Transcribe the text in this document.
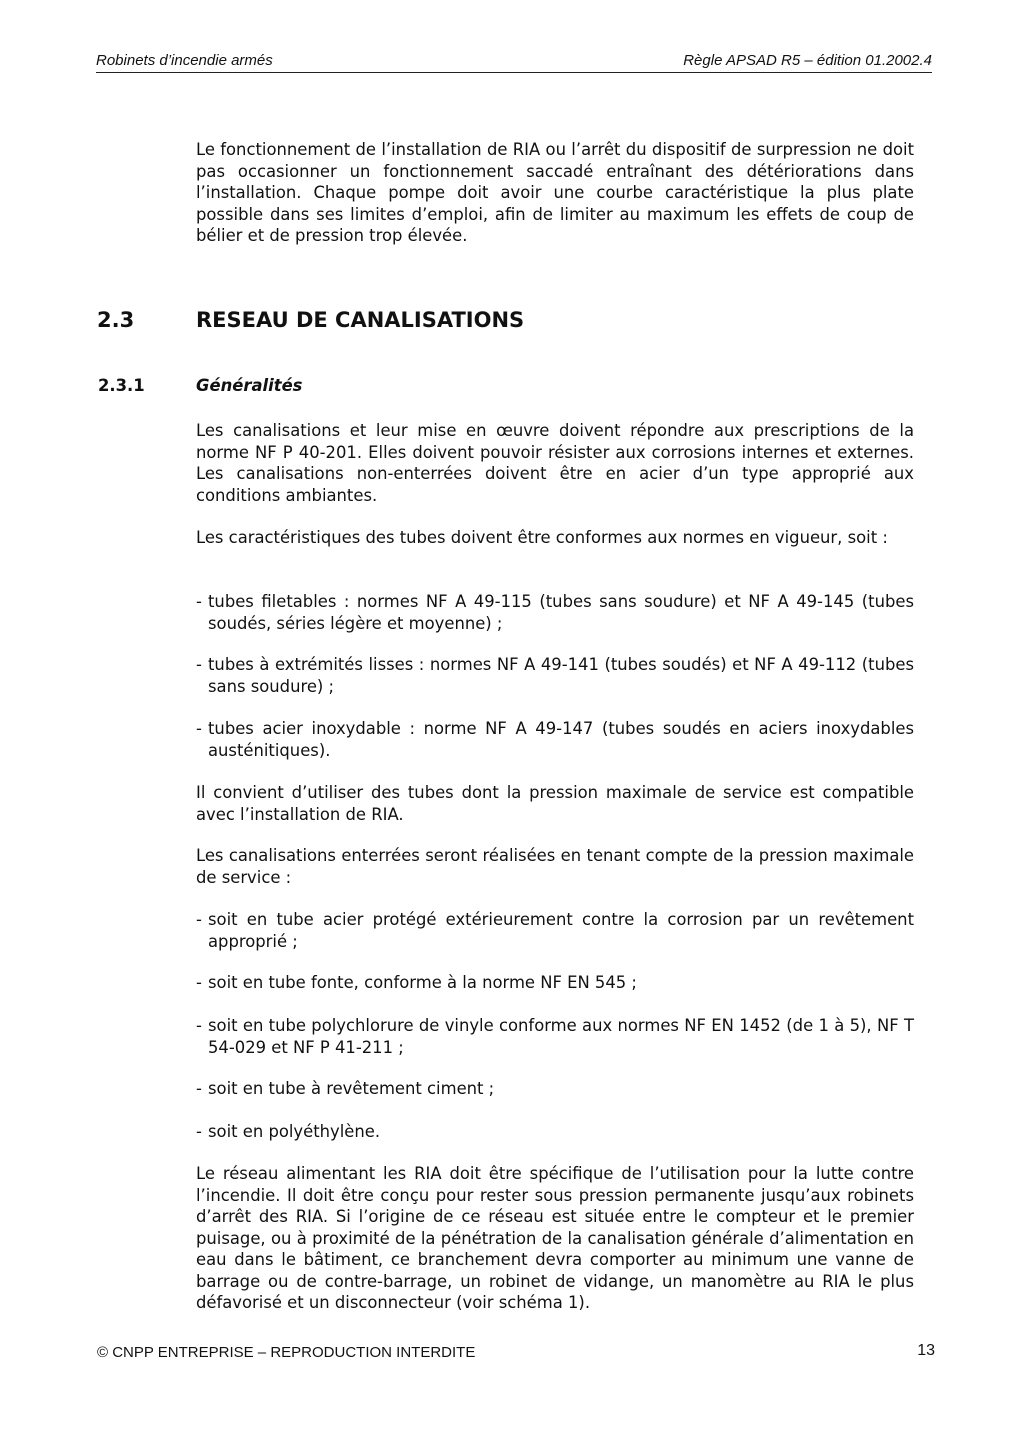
Robinets d’incendie armés	Règle APSAD R5 – édition 01.2002.4

Le fonctionnement de l’installation de RIA ou l’arrêt du dispositif de surpression ne doit pas occasionner un fonctionnement saccadé entraînant des détériorations dans l’installation. Chaque pompe doit avoir une courbe caractéristique la plus plate possible dans ses limites d’emploi, afin de limiter au maximum les effets de coup de bélier et de pression trop élevée.

2.3	RESEAU DE CANALISATIONS
2.3.1	Généralités

Les canalisations et leur mise en œuvre doivent répondre aux prescriptions de la norme NF P 40-201. Elles doivent pouvoir résister aux corrosions internes et externes. Les canalisations non-enterrées doivent être en acier d’un type approprié aux conditions ambiantes.

Les caractéristiques des tubes doivent être conformes aux normes en vigueur, soit :

- tubes filetables : normes NF A 49-115 (tubes sans soudure) et NF A 49-145 (tubes soudés, séries légère et moyenne) ;
- tubes à extrémités lisses : normes NF A 49-141 (tubes soudés) et NF A 49-112 (tubes sans soudure) ;
- tubes acier inoxydable : norme NF A 49-147 (tubes soudés en aciers inoxydables austénitiques).

Il convient d’utiliser des tubes dont la pression maximale de service est compatible avec l’installation de RIA.

Les canalisations enterrées seront réalisées en tenant compte de la pression maximale de service :

- soit en tube acier protégé extérieurement contre la corrosion par un revêtement approprié ;
- soit en tube fonte, conforme à la norme NF EN 545 ;
- soit en tube polychlorure de vinyle conforme aux normes NF EN 1452 (de 1 à 5), NF T 54-029 et NF P 41-211 ;
- soit en tube à revêtement ciment ;
- soit en polyéthylène.

Le réseau alimentant les RIA doit être spécifique de l’utilisation pour la lutte contre l’incendie. Il doit être conçu pour rester sous pression permanente jusqu’aux robinets d’arrêt des RIA. Si l’origine de ce réseau est située entre le compteur et le premier puisage, ou à proximité de la pénétration de la canalisation générale d’alimentation en eau dans le bâtiment, ce branchement devra comporter au minimum une vanne de barrage ou de contre-barrage, un robinet de vidange, un manomètre au RIA le plus défavorisé et un disconnecteur (voir schéma 1).

© CNPP ENTREPRISE – REPRODUCTION INTERDITE	13
